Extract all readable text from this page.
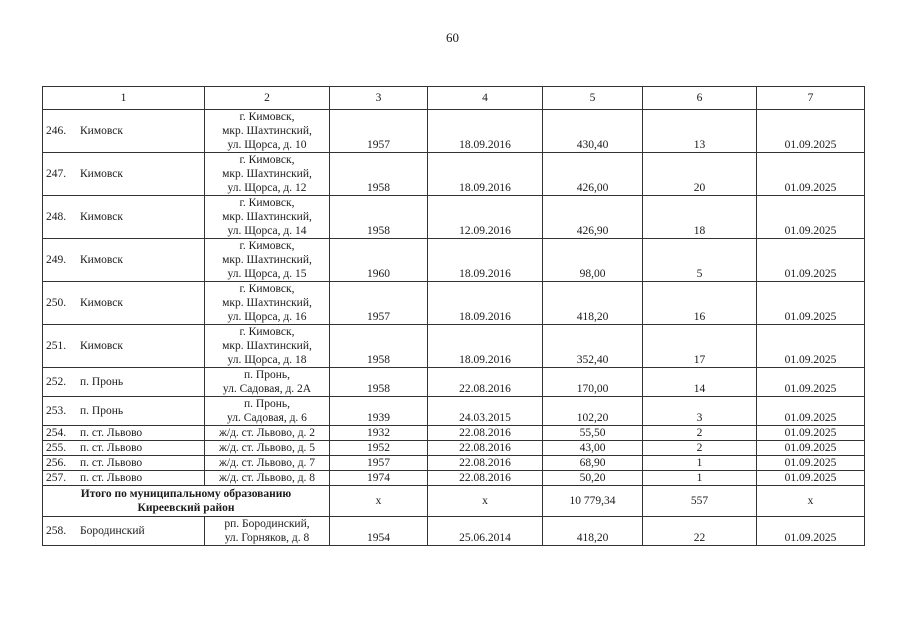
60
1	2	3	4	5	6	7
246. Кимовск	г. Кимовск,
мкр. Шахтинский,
ул. Щорса, д. 10	1957	18.09.2016	430,40	13	01.09.2025
247. Кимовск	г. Кимовск,
мкр. Шахтинский,
ул. Щорса, д. 12	1958	18.09.2016	426,00	20	01.09.2025
248. Кимовск	г. Кимовск,
мкр. Шахтинский,
ул. Щорса, д. 14	1958	12.09.2016	426,90	18	01.09.2025
249. Кимовск	г. Кимовск,
мкр. Шахтинский,
ул. Щорса, д. 15	1960	18.09.2016	98,00	5	01.09.2025
250. Кимовск	г. Кимовск,
мкр. Шахтинский,
ул. Щорса, д. 16	1957	18.09.2016	418,20	16	01.09.2025
251. Кимовск	г. Кимовск,
мкр. Шахтинский,
ул. Щорса, д. 18	1958	18.09.2016	352,40	17	01.09.2025
252. п. Пронь	п. Пронь,
ул. Садовая, д. 2А	1958	22.08.2016	170,00	14	01.09.2025
253. п. Пронь	п. Пронь,
ул. Садовая, д. 6	1939	24.03.2015	102,20	3	01.09.2025
254. п. ст. Львово	ж/д. ст. Львово, д. 2	1932	22.08.2016	55,50	2	01.09.2025
255. п. ст. Львово	ж/д. ст. Львово, д. 5	1952	22.08.2016	43,00	2	01.09.2025
256. п. ст. Львово	ж/д. ст. Львово, д. 7	1957	22.08.2016	68,90	1	01.09.2025
257. п. ст. Львово	ж/д. ст. Львово, д. 8	1974	22.08.2016	50,20	1	01.09.2025

Итого по муниципальному образованию
Киреевский район		х	х	10 779,34	557	х
258. Бородинский	рп. Бородинский,
ул. Горняков, д. 8	1954	25.06.2014	418,20	22	01.09.2025
